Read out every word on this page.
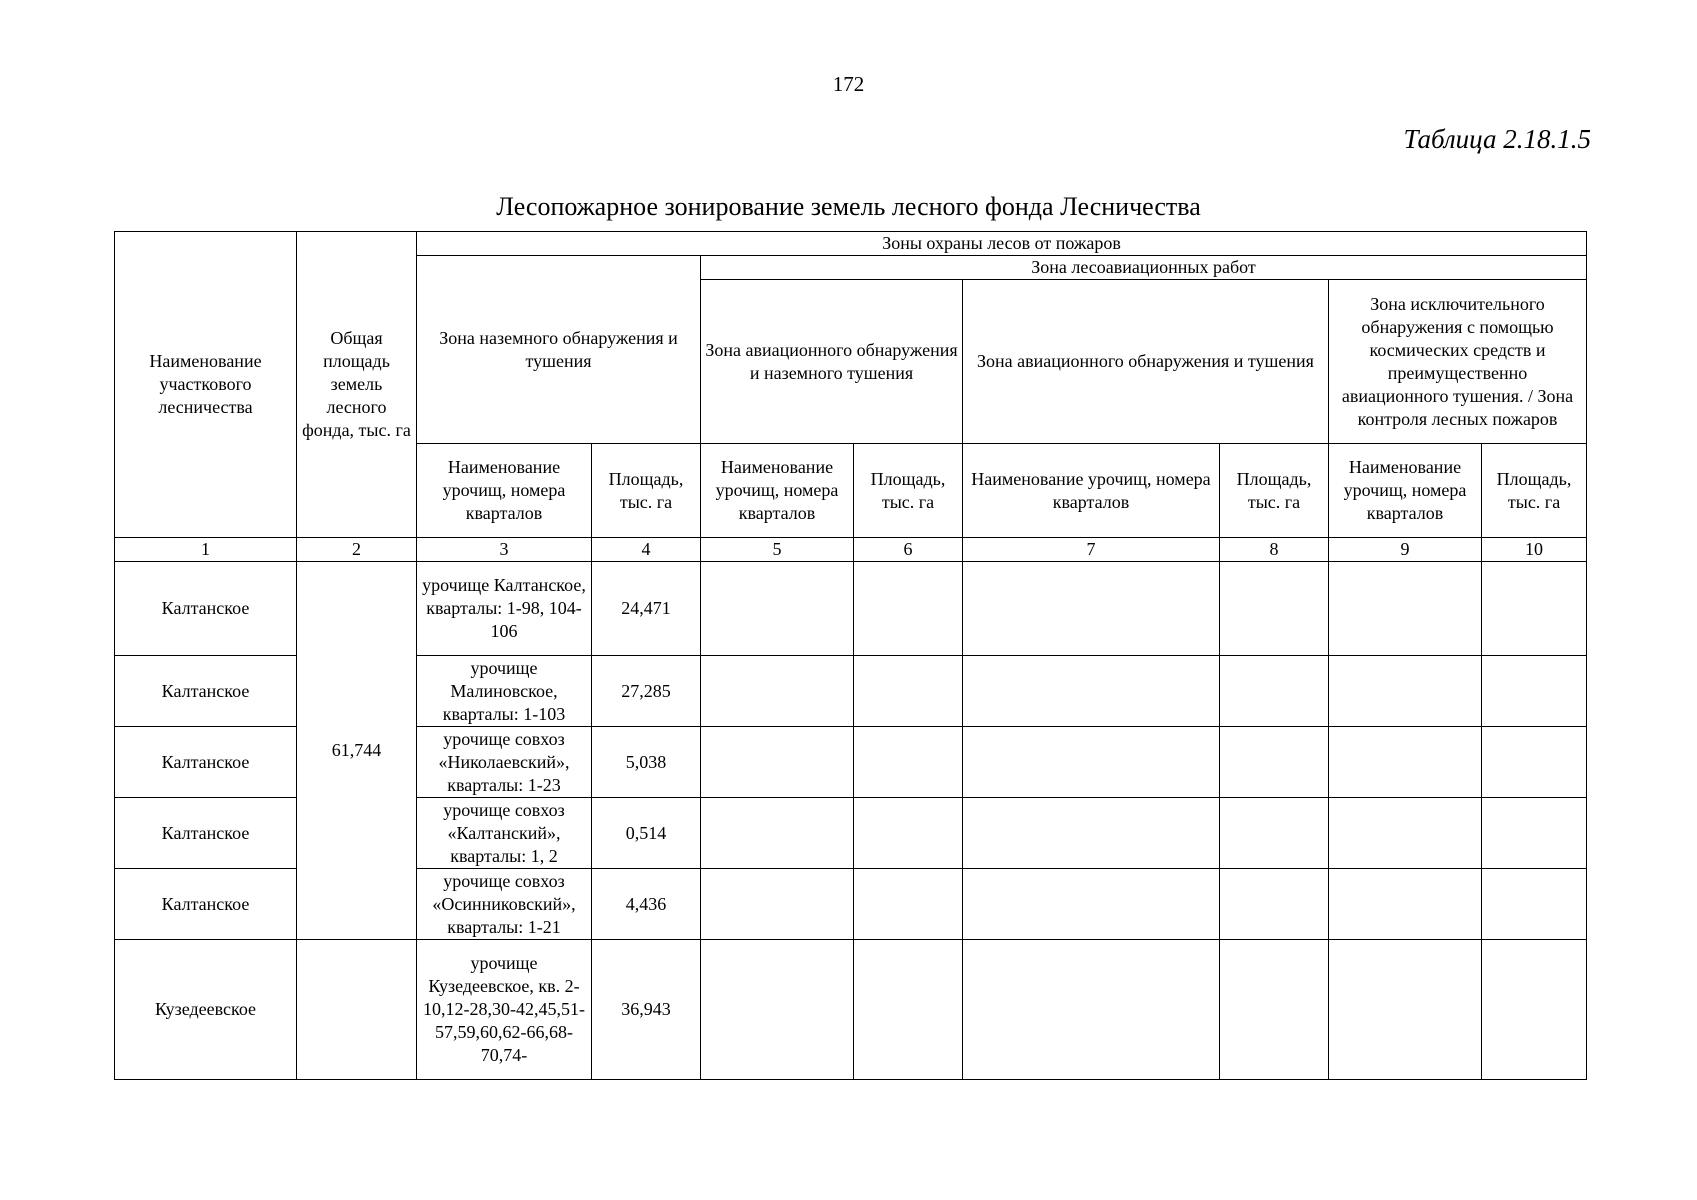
172
Таблица 2.18.1.5
Лесопожарное зонирование земель лесного фонда Лесничества
Наименование участкового лесничества	Общая площадь земель лесного фонда, тыс. га	Зоны охраны лесов от пожаров							
		Зона наземного обнаружения и тушения		Зона лесоавиационных работ					
				Зона авиационного обнаружения и наземного тушения		Зона авиационного обнаружения и тушения		Зона исключительного обнаружения с помощью космических средств и преимущественно авиационного тушения. / Зона контроля лесных пожаров	
		Наименование урочищ, номера кварталов	Площадь, тыс. га	Наименование урочищ, номера кварталов	Площадь, тыс. га	Наименование урочищ, номера кварталов	Площадь, тыс. га	Наименование урочищ, номера кварталов	Площадь, тыс. га
1	2	3	4	5	6	7	8	9	10
Калтанское	61,744	урочище Калтанское, кварталы: 1-98, 104-106	24,471						
Калтанское		урочище Малиновское, кварталы: 1-103	27,285						
Калтанское		урочище совхоз «Николаевский», кварталы: 1-23	5,038						
Калтанское		урочище совхоз «Калтанский», кварталы: 1, 2	0,514						
Калтанское		урочище совхоз «Осинниковский», кварталы: 1-21	4,436						
Кузедеевское		урочище Кузедеевское, кв. 2-10,12-28,30-42,45,51-57,59,60,62-66,68-70,74-	36,943						
